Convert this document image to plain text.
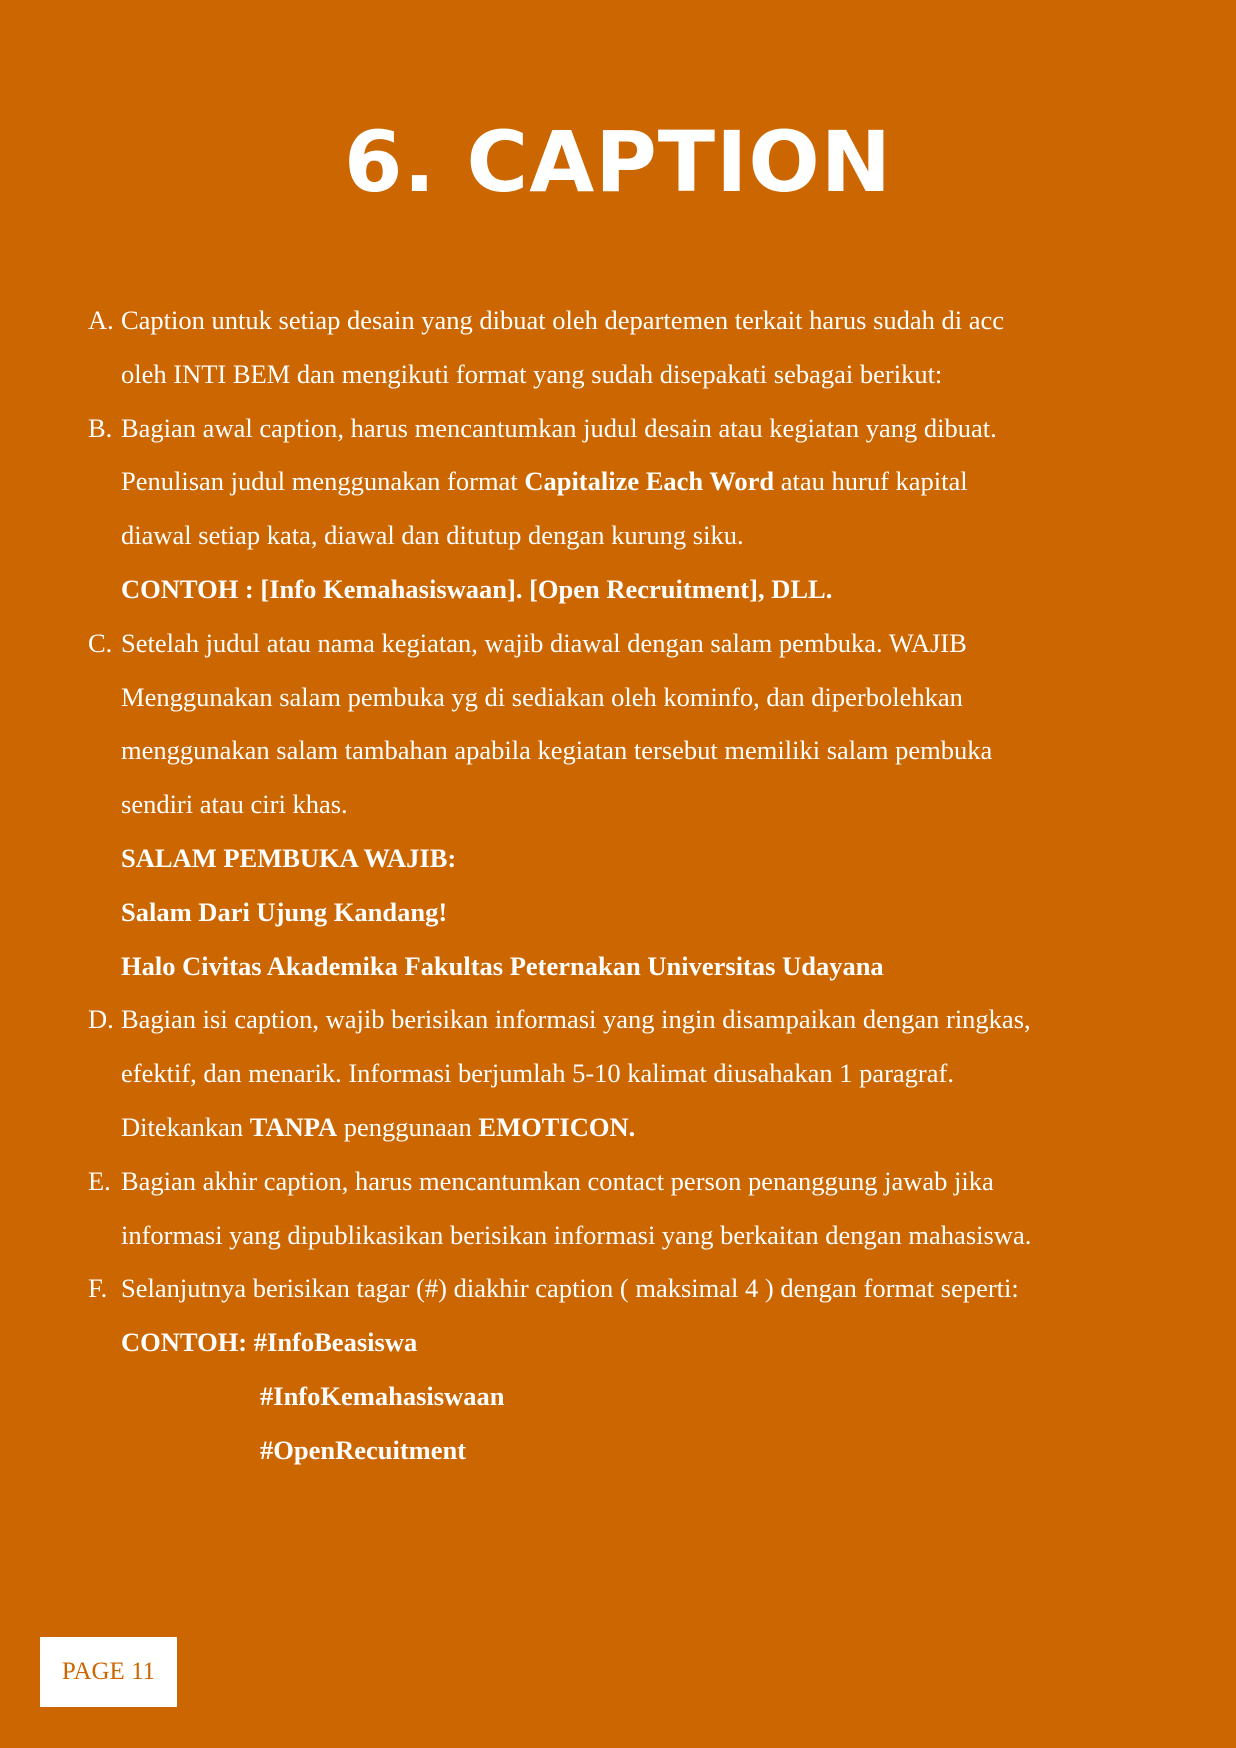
6. CAPTION
A. Caption untuk setiap desain yang dibuat oleh departemen terkait harus sudah di acc
oleh INTI BEM dan mengikuti format yang sudah disepakati sebagai berikut:
B. Bagian awal caption, harus mencantumkan judul desain atau kegiatan yang dibuat.
Penulisan judul menggunakan format Capitalize Each Word atau huruf kapital
diawal setiap kata, diawal dan ditutup dengan kurung siku.
CONTOH : [Info Kemahasiswaan]. [Open Recruitment], DLL.
C. Setelah judul atau nama kegiatan, wajib diawal dengan salam pembuka. WAJIB
Menggunakan salam pembuka yg di sediakan oleh kominfo, dan diperbolehkan
menggunakan salam tambahan apabila kegiatan tersebut memiliki salam pembuka
sendiri atau ciri khas.
SALAM PEMBUKA WAJIB:
Salam Dari Ujung Kandang!
Halo Civitas Akademika Fakultas Peternakan Universitas Udayana
D. Bagian isi caption, wajib berisikan informasi yang ingin disampaikan dengan ringkas,
efektif, dan menarik. Informasi berjumlah 5-10 kalimat diusahakan 1 paragraf.
Ditekankan TANPA penggunaan EMOTICON.
E. Bagian akhir caption, harus mencantumkan contact person penanggung jawab jika
informasi yang dipublikasikan berisikan informasi yang berkaitan dengan mahasiswa.
F. Selanjutnya berisikan tagar (#) diakhir caption ( maksimal 4 ) dengan format seperti:
CONTOH: #InfoBeasiswa
#InfoKemahasiswaan
#OpenRecuitment
PAGE 11
